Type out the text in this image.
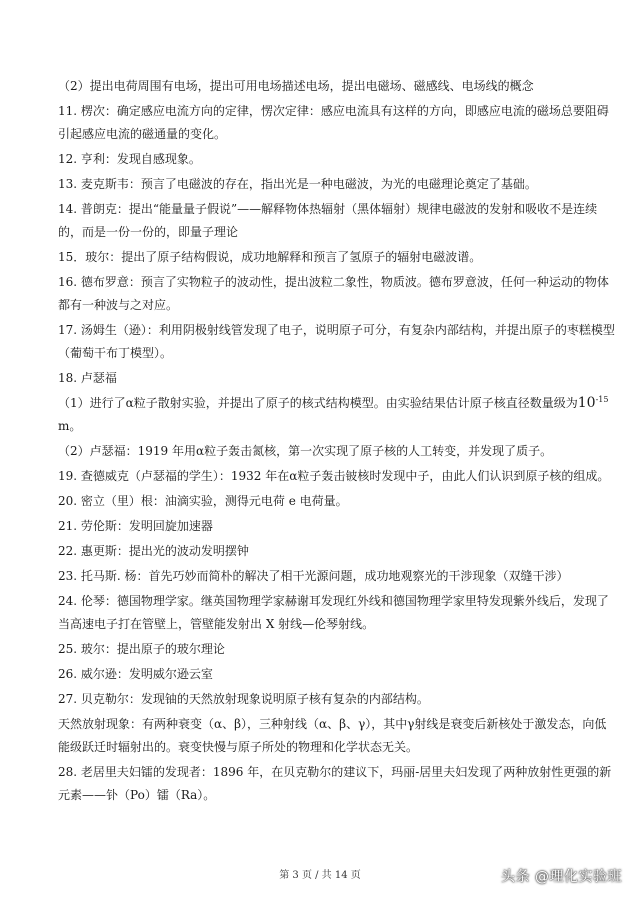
（2）提出电荷周围有电场，提出可用电场描述电场，提出电磁场、磁感线、电场线的概念

11. 楞次：确定感应电流方向的定律，愣次定律：感应电流具有这样的方向，即感应电流的磁场总要阻碍引起感应电流的磁通量的变化。

12. 亨利：发现自感现象。

13. 麦克斯韦：预言了电磁波的存在，指出光是一种电磁波，为光的电磁理论奠定了基础。

14. 普朗克：提出“能量量子假说”——解释物体热辐射（黑体辐射）规律电磁波的发射和吸收不是连续的，而是一份一份的，即量子理论

15．玻尔：提出了原子结构假说，成功地解释和预言了氢原子的辐射电磁波谱。

16. 德布罗意：预言了实物粒子的波动性，提出波粒二象性，物质波。德布罗意波，任何一种运动的物体都有一种波与之对应。

17. 汤姆生（逊）：利用阴极射线管发现了电子，说明原子可分，有复杂内部结构，并提出原子的枣糕模型（葡萄干布丁模型）。

18. 卢瑟福

（1）进行了α粒子散射实验，并提出了原子的核式结构模型。由实验结果估计原子核直径数量级为$10^{-15}m$。

（2）卢瑟福：1919 年用α粒子轰击氮核，第一次实现了原子核的人工转变，并发现了质子。

19. 查德威克（卢瑟福的学生）：1932 年在α粒子轰击铍核时发现中子，由此人们认识到原子核的组成。

20. 密立（里）根：油滴实验，测得元电荷 e 电荷量。

21. 劳伦斯：发明回旋加速器

22. 惠更斯：提出光的波动发明摆钟

23. 托马斯. 杨：首先巧妙而简朴的解决了相干光源问题，成功地观察光的干涉现象（双缝干涉）

24. 伦琴：德国物理学家。继英国物理学家赫谢耳发现红外线和德国物理学家里特发现紫外线后，发现了当高速电子打在管壁上，管壁能发射出 X 射线—伦琴射线。

25. 玻尔：提出原子的玻尔理论

26. 威尔逊：发明威尔逊云室

27. 贝克勒尔：发现铀的天然放射现象说明原子核有复杂的内部结构。

天然放射现象：有两种衰变（α、β），三种射线（α、β、γ），其中γ射线是衰变后新核处于激发态，向低能级跃迁时辐射出的。衰变快慢与原子所处的物理和化学状态无关。

28. 老居里夫妇镭的发现者：1896 年，在贝克勒尔的建议下，玛丽-居里夫妇发现了两种放射性更强的新元素——钋（Po）镭（Ra）。

第 3 页 / 共 14 页	头条 @理化实验班
